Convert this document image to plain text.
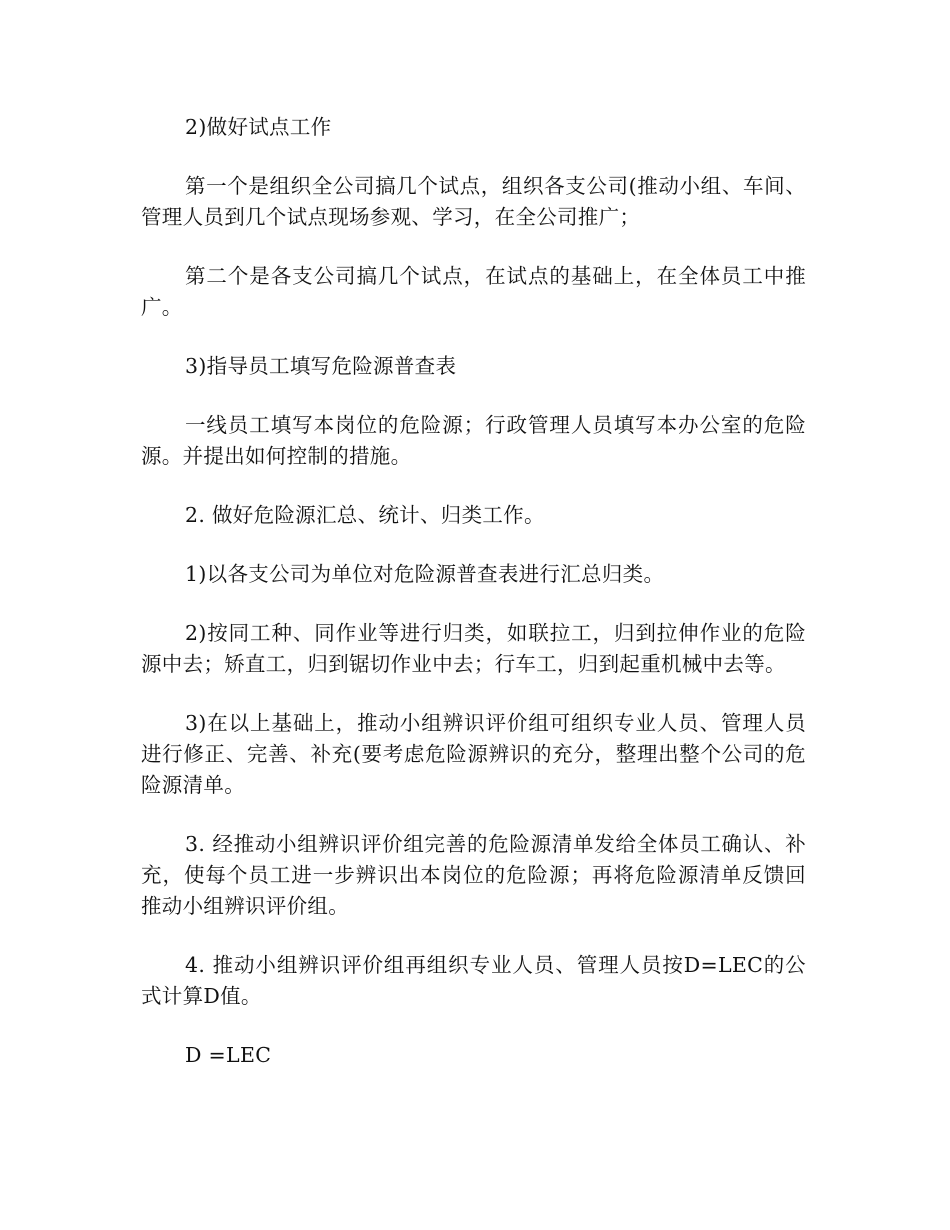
2)做好试点工作

第一个是组织全公司搞几个试点，组织各支公司(推动小组、车间、管理人员到几个试点现场参观、学习，在全公司推广；

第二个是各支公司搞几个试点，在试点的基础上，在全体员工中推广。

3)指导员工填写危险源普查表

一线员工填写本岗位的危险源；行政管理人员填写本办公室的危险源。并提出如何控制的措施。

2. 做好危险源汇总、统计、归类工作。

1)以各支公司为单位对危险源普查表进行汇总归类。

2)按同工种、同作业等进行归类，如联拉工，归到拉伸作业的危险源中去；矫直工，归到锯切作业中去；行车工，归到起重机械中去等。

3)在以上基础上，推动小组辨识评价组可组织专业人员、管理人员进行修正、完善、补充(要考虑危险源辨识的充分，整理出整个公司的危险源清单。

3. 经推动小组辨识评价组完善的危险源清单发给全体员工确认、补充，使每个员工进一步辨识出本岗位的危险源；再将危险源清单反馈回推动小组辨识评价组。

4. 推动小组辨识评价组再组织专业人员、管理人员按D=LEC的公式计算D值。

D =LEC
